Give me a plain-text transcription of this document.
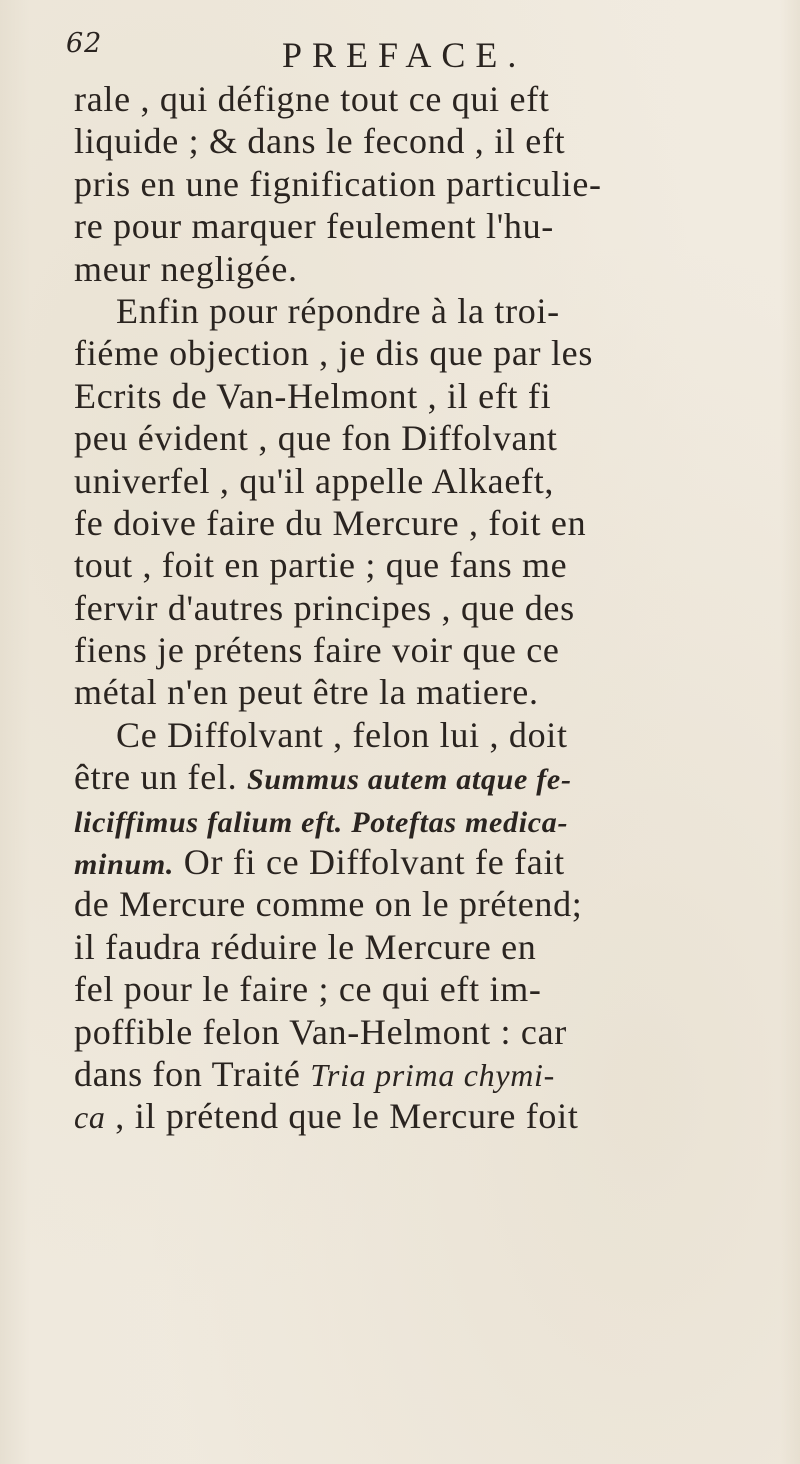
62	PREFACE.
rale , qui défigne tout ce qui eft
liquide ; & dans le fecond , il eft
pris en une fignification particulie-
re pour marquer feulement l'hu-
meur negligée.
Enfin pour répondre à la troi-
fiéme objection , je dis que par les
Ecrits de Van-Helmont , il eft fi
peu évident , que fon Diffolvant
univerfel , qu'il appelle Alkaeft,
fe doive faire du Mercure , foit en
tout , foit en partie ; que fans me
fervir d'autres principes , que des
fiens je prétens faire voir que ce
métal n'en peut être la matiere.
Ce Diffolvant , felon lui , doit
être un fel. Summus autem atque fe-
liciffimus falium eft. Poteftas medica-
minum. Or fi ce Diffolvant fe fait
de Mercure comme on le prétend;
il faudra réduire le Mercure en
fel pour le faire ; ce qui eft im-
poffible felon Van-Helmont : car
dans fon Traité Tria prima chymi-
ca , il prétend que le Mercure foit
